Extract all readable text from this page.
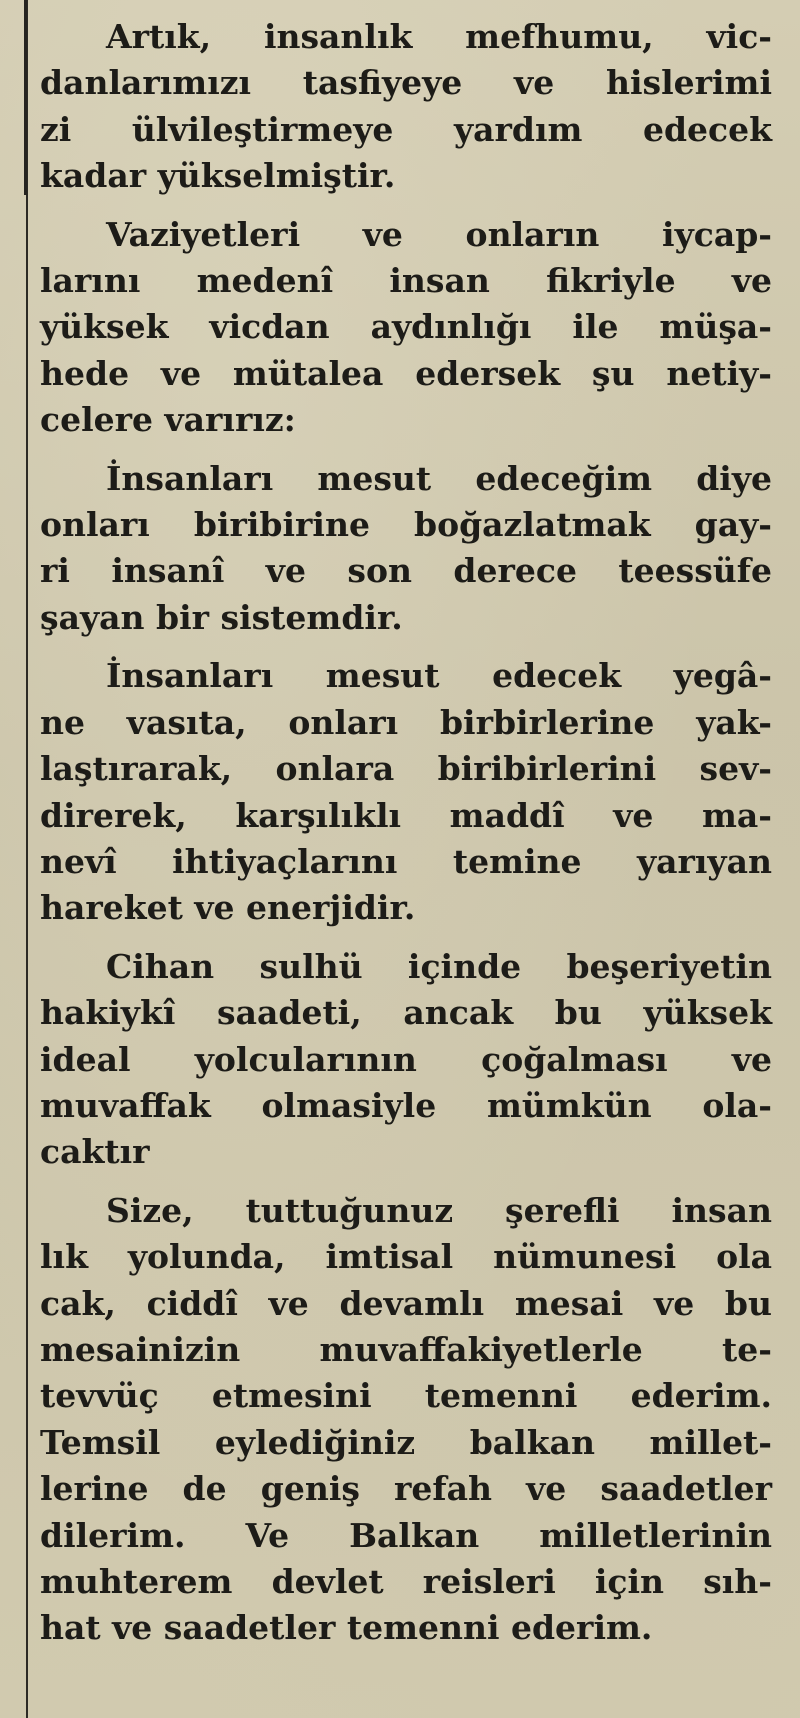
Artık, insanlık mefhumu, vic-
danlarımızı tasfiyeye ve hislerimi
zi ülvileştirmeye yardım edecek
kadar yükselmiştir.

Vaziyetleri ve onların iycap-
larını medenî insan fikriyle ve
yüksek vicdan aydınlığı ile müşa-
hede ve mütalea edersek şu netiy-
celere varırız:

İnsanları mesut edeceğim diye
onları biribirine boğazlatmak gay-
ri insanî ve son derece teessüfe
şayan bir sistemdir.

İnsanları mesut edecek yegâ-
ne vasıta, onları birbirlerine yak-
laştırarak, onlara biribirlerini sev-
direrek, karşılıklı maddî ve ma-
nevî ihtiyaçlarını temine yarıyan
hareket ve enerjidir.

Cihan sulhü içinde beşeriyetin
hakiykî saadeti, ancak bu yüksek
ideal yolcularının çoğalması ve
muvaffak olmasiyle mümkün ola-
caktır

Size, tuttuğunuz şerefli insan
lık yolunda, imtisal nümunesi ola
cak, ciddî ve devamlı mesai ve bu
mesainizin muvaffakiyetlerle te-
tevvüç etmesini temenni ederim.
Temsil eylediğiniz balkan millet-
lerine de geniş refah ve saadetler
dilerim. Ve Balkan milletlerinin
muhterem devlet reisleri için sıh-
hat ve saadetler temenni ederim.
